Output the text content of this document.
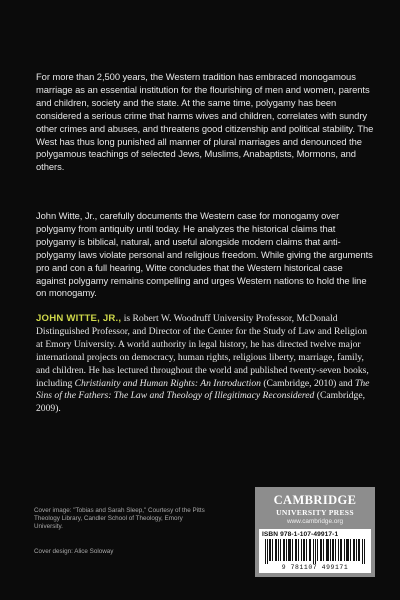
For more than 2,500 years, the Western tradition has embraced monogamous marriage as an essential institution for the flourishing of men and women, parents and children, society and the state. At the same time, polygamy has been considered a serious crime that harms wives and children, correlates with sundry other crimes and abuses, and threatens good citizenship and political stability. The West has thus long punished all manner of plural marriages and denounced the polygamous teachings of selected Jews, Muslims, Anabaptists, Mormons, and others.

John Witte, Jr., carefully documents the Western case for monogamy over polygamy from antiquity until today. He analyzes the historical claims that polygamy is biblical, natural, and useful alongside modern claims that anti-polygamy laws violate personal and religious freedom. While giving the arguments pro and con a full hearing, Witte concludes that the Western historical case against polygamy remains compelling and urges Western nations to hold the line on monogamy.

JOHN WITTE, JR., is Robert W. Woodruff University Professor, McDonald Distinguished Professor, and Director of the Center for the Study of Law and Religion at Emory University. A world authority in legal history, he has directed twelve major international projects on democracy, human rights, religious liberty, marriage, family, and children. He has lectured throughout the world and published twenty-seven books, including Christianity and Human Rights: An Introduction (Cambridge, 2010) and The Sins of the Fathers: The Law and Theology of Illegitimacy Reconsidered (Cambridge, 2009).

Cover image: "Tobias and Sarah Sleep," Courtesy of the Pitts Theology Library, Candler School of Theology, Emory University.

Cover design: Alice Soloway

CAMBRIDGE

UNIVERSITY PRESS

www.cambridge.org

ISBN 978-1-107-49917-1

9 781107 499171
